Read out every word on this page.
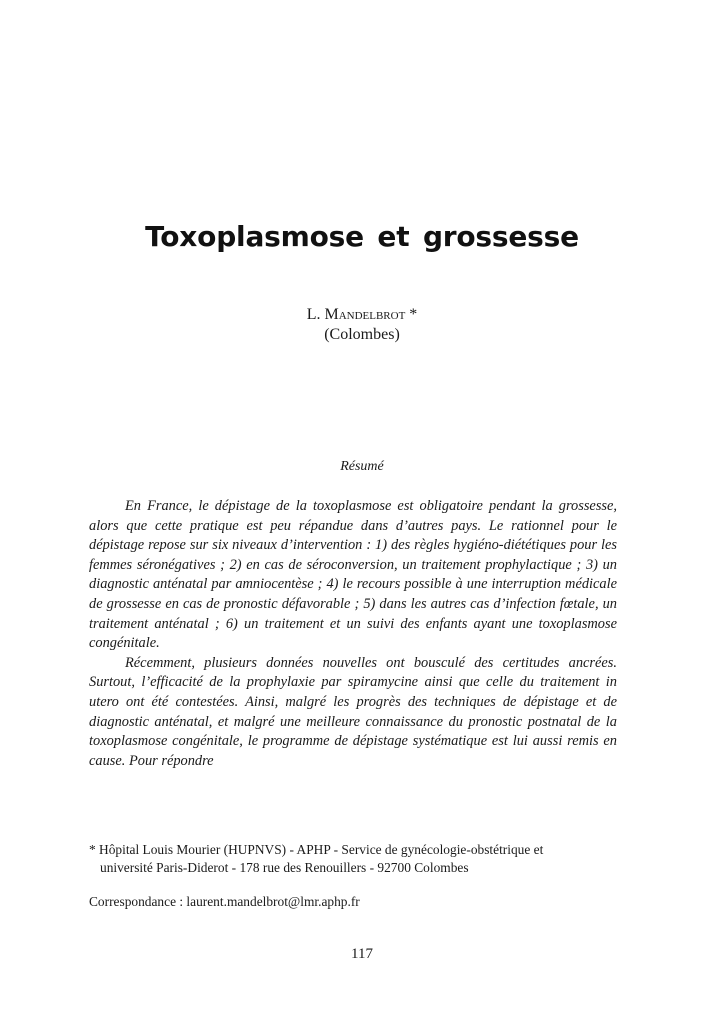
Toxoplasmose et grossesse
L. Mandelbrot *
(Colombes)
Résumé

En France, le dépistage de la toxoplasmose est obligatoire pendant la grossesse, alors que cette pratique est peu répandue dans d’autres pays. Le rationnel pour le dépistage repose sur six niveaux d’intervention : 1) des règles hygiéno-diététiques pour les femmes séronégatives ; 2) en cas de séroconversion, un traitement prophylactique ; 3) un diagnostic anténatal par amniocentèse ; 4) le recours possible à une interruption médicale de grossesse en cas de pronostic défavorable ; 5) dans les autres cas d’infection fœtale, un traitement anténatal ; 6) un traitement et un suivi des enfants ayant une toxoplasmose congénitale.

Récemment, plusieurs données nouvelles ont bousculé des certitudes ancrées. Surtout, l’efficacité de la prophylaxie par spiramycine ainsi que celle du traitement in utero ont été contestées. Ainsi, malgré les progrès des techniques de dépistage et de diagnostic anténatal, et malgré une meilleure connaissance du pronostic postnatal de la toxoplasmose congénitale, le programme de dépistage systématique est lui aussi remis en cause. Pour répondre

* Hôpital Louis Mourier (HUPNVS) - APHP - Service de gynécologie-obstétrique et
université Paris-Diderot - 178 rue des Renouillers - 92700 Colombes
Correspondance : laurent.mandelbrot@lmr.aphp.fr
117
